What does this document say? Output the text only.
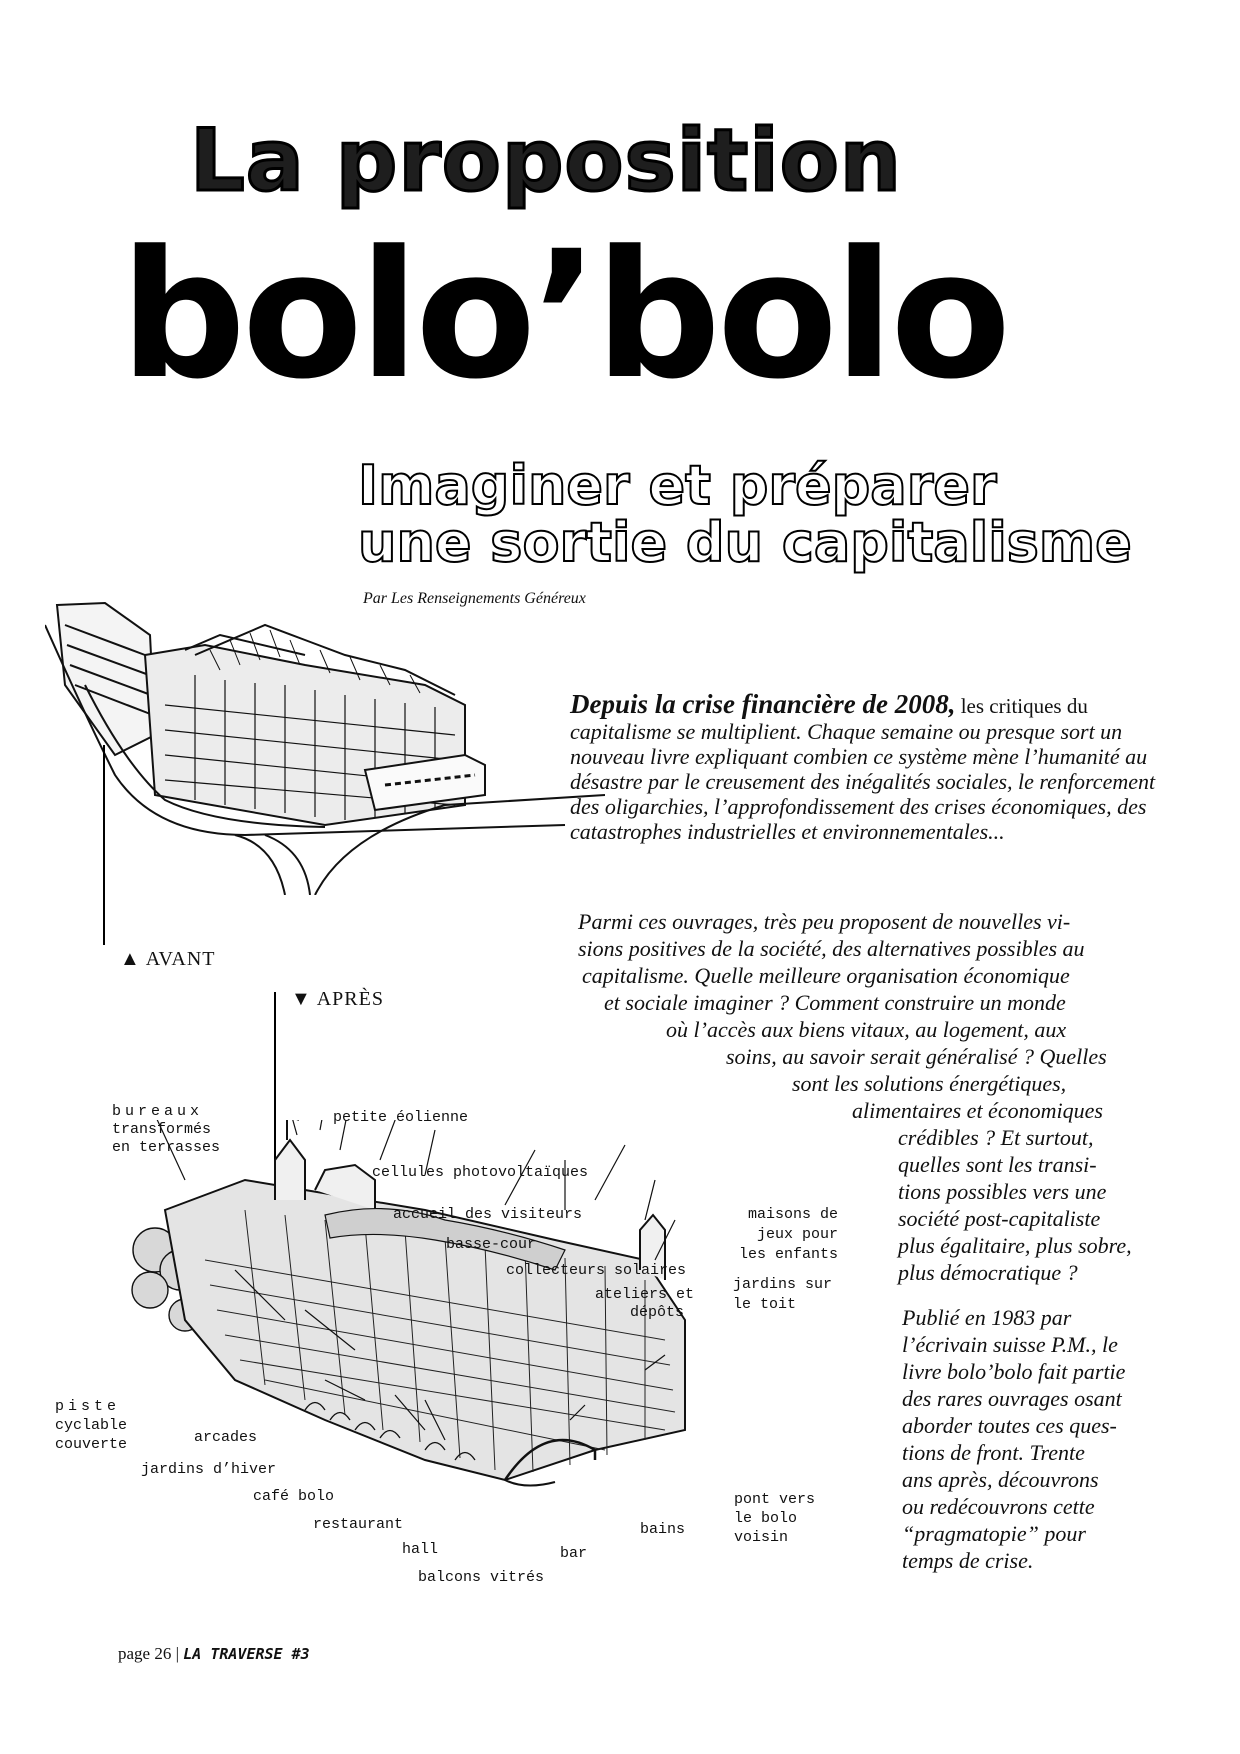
La proposition
bolo’bolo
Imaginer et préparer
une sortie du capitalisme
Par Les Renseignements Généreux
▲ AVANT
▼ APRÈS
bureaux
transformés
en terrasses
petite éolienne
cellules photovoltaïques
accueil des visiteurs
basse-cour
collecteurs solaires
ateliers et
dépôts
maisons de
jeux pour
les enfants
jardins sur
le toit
piste
cyclable
couverte	arcades
jardins d’hiver
café bolo
restaurant
hall	bar
balcons vitrés
bains
pont vers
le bolo
voisin
Depuis la crise financière de 2008, les critiques du capitalisme se multiplient. Chaque semaine ou presque sort un nouveau livre expliquant combien ce système mène l’humanité au désastre par le creusement des inégalités sociales, le renforcement des oligarchies, l’approfondissement des crises économiques, des catastrophes industrielles et environnementales...
Parmi ces ouvrages, très peu proposent de nouvelles vi-
sions positives de la société, des alternatives possibles au
capitalisme. Quelle meilleure organisation économique
et sociale imaginer ? Comment construire un monde
où l’accès aux biens vitaux, au logement, aux
soins, au savoir serait généralisé ? Quelles
sont les solutions énergétiques,
alimentaires et économiques
crédibles ? Et surtout,
quelles sont les transi-
tions possibles vers une
société post-capitaliste
plus égalitaire, plus sobre,
plus démocratique ?
Publié en 1983 par
l’écrivain suisse P.M., le
livre bolo’bolo fait partie
des rares ouvrages osant
aborder toutes ces ques-
tions de front. Trente
ans après, découvrons
ou redécouvrons cette
“pragmatopie” pour
temps de crise.
page 26 | LA TRAVERSE #3
